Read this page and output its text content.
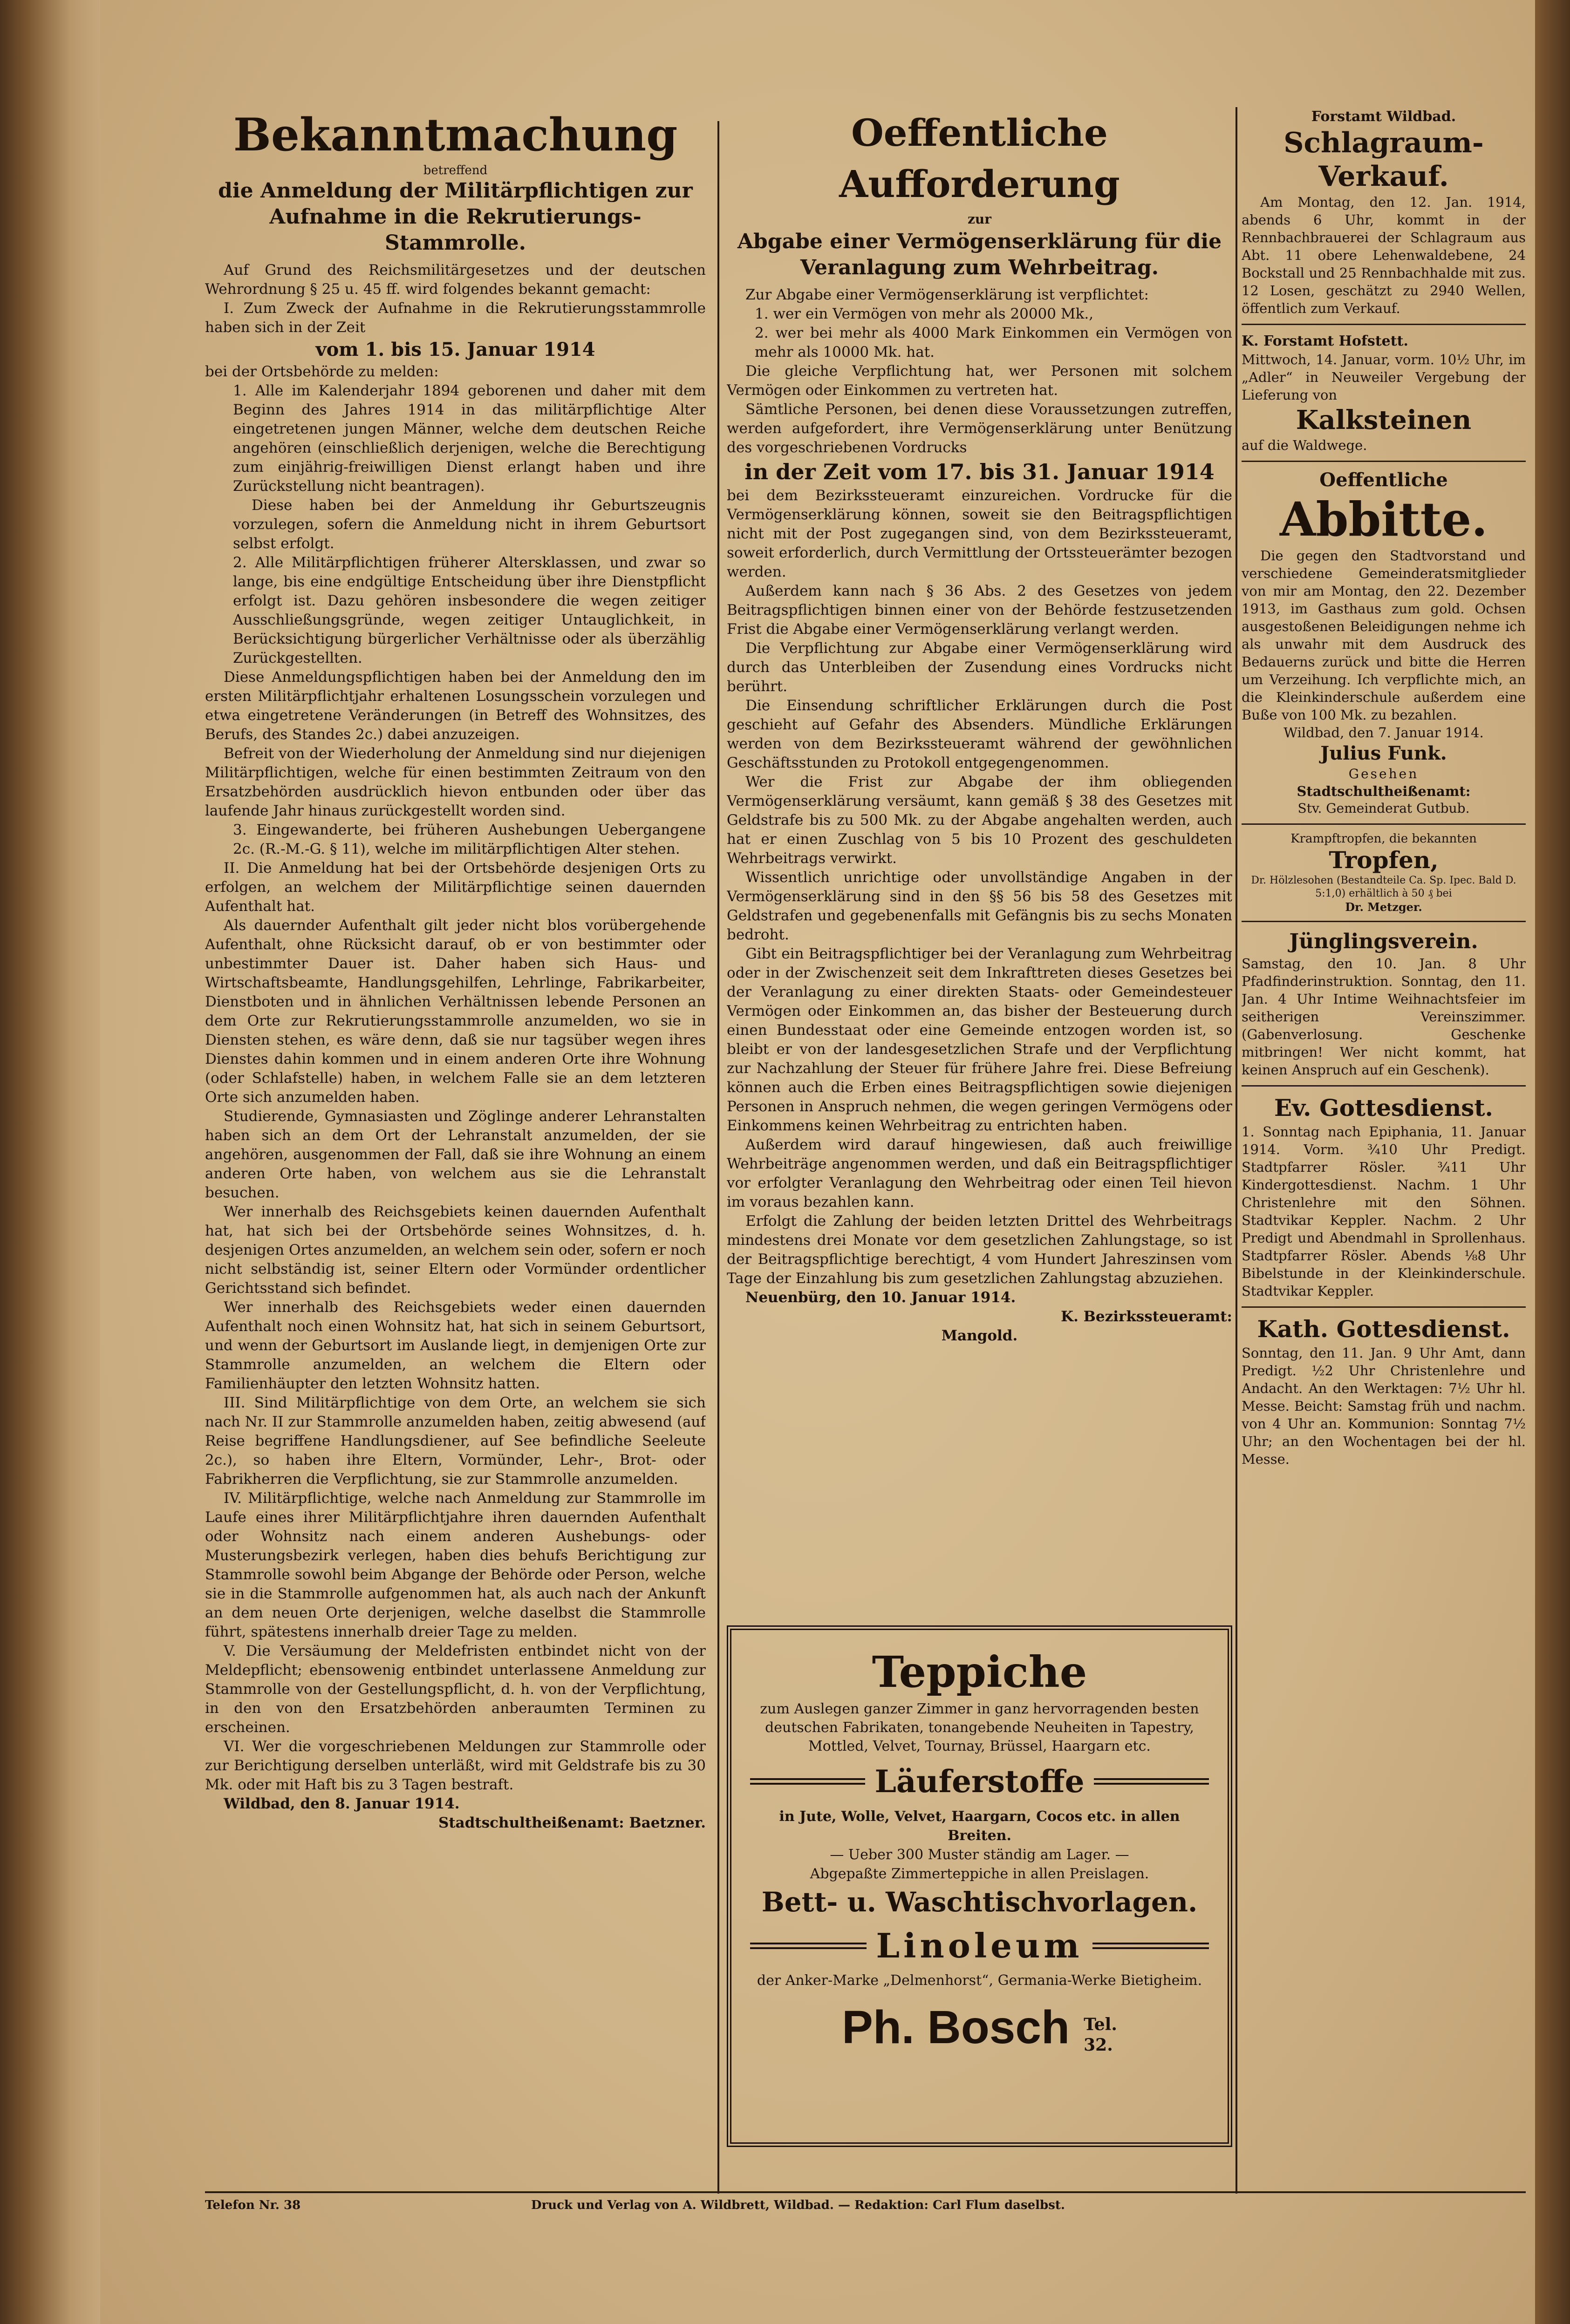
Bekanntmachung

betreffend

die Anmeldung der Militärpflichtigen zur Aufnahme in die Rekrutierungs-Stammrolle.

Auf Grund des Reichsmilitärgesetzes und der deutschen Wehrordnung § 25 u. 45 ff. wird folgendes bekannt gemacht:

I. Zum Zweck der Aufnahme in die Rekrutierungsstammrolle haben sich in der Zeit

vom 1. bis 15. Januar 1914

bei der Ortsbehörde zu melden:

1. Alle im Kalenderjahr 1894 geborenen und daher mit dem Beginn des Jahres 1914 in das militärpflichtige Alter eingetretenen jungen Männer, welche dem deutschen Reiche angehören (einschließlich derjenigen, welche die Berechtigung zum einjährig-freiwilligen Dienst erlangt haben und ihre Zurückstellung nicht beantragen).

Diese haben bei der Anmeldung ihr Geburtszeugnis vorzulegen, sofern die Anmeldung nicht in ihrem Geburtsort selbst erfolgt.

2. Alle Militärpflichtigen früherer Altersklassen, und zwar so lange, bis eine endgültige Entscheidung über ihre Dienstpflicht erfolgt ist. Dazu gehören insbesondere die wegen zeitiger Ausschließungsgründe, wegen zeitiger Untauglichkeit, in Berücksichtigung bürgerlicher Verhältnisse oder als überzählig Zurückgestellten.

Diese Anmeldungspflichtigen haben bei der Anmeldung den im ersten Militärpflichtjahr erhaltenen Losungsschein vorzulegen und etwa eingetretene Veränderungen (in Betreff des Wohnsitzes, des Berufs, des Standes 2c.) dabei anzuzeigen.

Befreit von der Wiederholung der Anmeldung sind nur diejenigen Militärpflichtigen, welche für einen bestimmten Zeitraum von den Ersatzbehörden ausdrücklich hievon entbunden oder über das laufende Jahr hinaus zurückgestellt worden sind.

3. Eingewanderte, bei früheren Aushebungen Uebergangene 2c. (R.-M.-G. § 11), welche im militärpflichtigen Alter stehen.

II. Die Anmeldung hat bei der Ortsbehörde desjenigen Orts zu erfolgen, an welchem der Militärpflichtige seinen dauernden Aufenthalt hat.

Als dauernder Aufenthalt gilt jeder nicht blos vorübergehende Aufenthalt, ohne Rücksicht darauf, ob er von bestimmter oder unbestimmter Dauer ist. Daher haben sich Haus- und Wirtschaftsbeamte, Handlungsgehilfen, Lehrlinge, Fabrikarbeiter, Dienstboten und in ähnlichen Verhältnissen lebende Personen an dem Orte zur Rekrutierungsstammrolle anzumelden, wo sie in Diensten stehen, es wäre denn, daß sie nur tagsüber wegen ihres Dienstes dahin kommen und in einem anderen Orte ihre Wohnung (oder Schlafstelle) haben, in welchem Falle sie an dem letzteren Orte sich anzumelden haben.

Studierende, Gymnasiasten und Zöglinge anderer Lehranstalten haben sich an dem Ort der Lehranstalt anzumelden, der sie angehören, ausgenommen der Fall, daß sie ihre Wohnung an einem anderen Orte haben, von welchem aus sie die Lehranstalt besuchen.

Wer innerhalb des Reichsgebiets keinen dauernden Aufenthalt hat, hat sich bei der Ortsbehörde seines Wohnsitzes, d. h. desjenigen Ortes anzumelden, an welchem sein oder, sofern er noch nicht selbständig ist, seiner Eltern oder Vormünder ordentlicher Gerichtsstand sich befindet.

Wer innerhalb des Reichsgebiets weder einen dauernden Aufenthalt noch einen Wohnsitz hat, hat sich in seinem Geburtsort, und wenn der Geburtsort im Auslande liegt, in demjenigen Orte zur Stammrolle anzumelden, an welchem die Eltern oder Familienhäupter den letzten Wohnsitz hatten.

III. Sind Militärpflichtige von dem Orte, an welchem sie sich nach Nr. II zur Stammrolle anzumelden haben, zeitig abwesend (auf Reise begriffene Handlungsdiener, auf See befindliche Seeleute 2c.), so haben ihre Eltern, Vormünder, Lehr-, Brot- oder Fabrikherren die Verpflichtung, sie zur Stammrolle anzumelden.

IV. Militärpflichtige, welche nach Anmeldung zur Stammrolle im Laufe eines ihrer Militärpflichtjahre ihren dauernden Aufenthalt oder Wohnsitz nach einem anderen Aushebungs- oder Musterungsbezirk verlegen, haben dies behufs Berichtigung zur Stammrolle sowohl beim Abgange der Behörde oder Person, welche sie in die Stammrolle aufgenommen hat, als auch nach der Ankunft an dem neuen Orte derjenigen, welche daselbst die Stammrolle führt, spätestens innerhalb dreier Tage zu melden.

V. Die Versäumung der Meldefristen entbindet nicht von der Meldepflicht; ebensowenig entbindet unterlassene Anmeldung zur Stammrolle von der Gestellungspflicht, d. h. von der Verpflichtung, in den von den Ersatzbehörden anberaumten Terminen zu erscheinen.

VI. Wer die vorgeschriebenen Meldungen zur Stammrolle oder zur Berichtigung derselben unterläßt, wird mit Geldstrafe bis zu 30 Mk. oder mit Haft bis zu 3 Tagen bestraft.

Wildbad, den 8. Januar 1914.

Stadtschultheißenamt: Baetzner.

Oeffentliche Aufforderung

zur

Abgabe einer Vermögenserklärung für die Veranlagung zum Wehrbeitrag.

Zur Abgabe einer Vermögenserklärung ist verpflichtet:

1. wer ein Vermögen von mehr als 20000 Mk.,

2. wer bei mehr als 4000 Mark Einkommen ein Vermögen von mehr als 10000 Mk. hat.

Die gleiche Verpflichtung hat, wer Personen mit solchem Vermögen oder Einkommen zu vertreten hat.

Sämtliche Personen, bei denen diese Voraussetzungen zutreffen, werden aufgefordert, ihre Vermögenserklärung unter Benützung des vorgeschriebenen Vordrucks

in der Zeit vom 17. bis 31. Januar 1914

bei dem Bezirkssteueramt einzureichen. Vordrucke für die Vermögenserklärung können, soweit sie den Beitragspflichtigen nicht mit der Post zugegangen sind, von dem Bezirkssteueramt, soweit erforderlich, durch Vermittlung der Ortssteuerämter bezogen werden.

Außerdem kann nach § 36 Abs. 2 des Gesetzes von jedem Beitragspflichtigen binnen einer von der Behörde festzusetzenden Frist die Abgabe einer Vermögenserklärung verlangt werden.

Die Verpflichtung zur Abgabe einer Vermögenserklärung wird durch das Unterbleiben der Zusendung eines Vordrucks nicht berührt.

Die Einsendung schriftlicher Erklärungen durch die Post geschieht auf Gefahr des Absenders. Mündliche Erklärungen werden von dem Bezirkssteueramt während der gewöhnlichen Geschäftsstunden zu Protokoll entgegengenommen.

Wer die Frist zur Abgabe der ihm obliegenden Vermögenserklärung versäumt, kann gemäß § 38 des Gesetzes mit Geldstrafe bis zu 500 Mk. zu der Abgabe angehalten werden, auch hat er einen Zuschlag von 5 bis 10 Prozent des geschuldeten Wehrbeitrags verwirkt.

Wissentlich unrichtige oder unvollständige Angaben in der Vermögenserklärung sind in den §§ 56 bis 58 des Gesetzes mit Geldstrafen und gegebenenfalls mit Gefängnis bis zu sechs Monaten bedroht.

Gibt ein Beitragspflichtiger bei der Veranlagung zum Wehrbeitrag oder in der Zwischenzeit seit dem Inkrafttreten dieses Gesetzes bei der Veranlagung zu einer direkten Staats- oder Gemeindesteuer Vermögen oder Einkommen an, das bisher der Besteuerung durch einen Bundesstaat oder eine Gemeinde entzogen worden ist, so bleibt er von der landesgesetzlichen Strafe und der Verpflichtung zur Nachzahlung der Steuer für frühere Jahre frei. Diese Befreiung können auch die Erben eines Beitragspflichtigen sowie diejenigen Personen in Anspruch nehmen, die wegen geringen Vermögens oder Einkommens keinen Wehrbeitrag zu entrichten haben.

Außerdem wird darauf hingewiesen, daß auch freiwillige Wehrbeiträge angenommen werden, und daß ein Beitragspflichtiger vor erfolgter Veranlagung den Wehrbeitrag oder einen Teil hievon im voraus bezahlen kann.

Erfolgt die Zahlung der beiden letzten Drittel des Wehrbeitrags mindestens drei Monate vor dem gesetzlichen Zahlungstage, so ist der Beitragspflichtige berechtigt, 4 vom Hundert Jahreszinsen vom Tage der Einzahlung bis zum gesetzlichen Zahlungstag abzuziehen.

Neuenbürg, den 10. Januar 1914.

K. Bezirkssteueramt:

Mangold.

Teppiche

zum Auslegen ganzer Zimmer in ganz hervorragenden besten deutschen Fabrikaten, tonangebende Neuheiten in Tapestry, Mottled, Velvet, Tournay, Brüssel, Haargarn etc.

Läuferstoffe

in Jute, Wolle, Velvet, Haargarn, Cocos etc. in allen Breiten.

— Ueber 300 Muster ständig am Lager. —

Abgepaßte Zimmerteppiche in allen Preislagen.

Bett- u. Waschtischvorlagen.

Linoleum

der Anker-Marke „Delmenhorst“, Germania-Werke Bietigheim.

Ph. Bosch Tel.
32.

Forstamt Wildbad.

Schlagraum-Verkauf.

Am Montag, den 12. Jan. 1914, abends 6 Uhr, kommt in der Rennbachbrauerei der Schlagraum aus Abt. 11 obere Lehenwaldebene, 24 Bockstall und 25 Rennbachhalde mit zus. 12 Losen, geschätzt zu 2940 Wellen, öffentlich zum Verkauf.

K. Forstamt Hofstett.

Mittwoch, 14. Januar, vorm. 10½ Uhr, im „Adler“ in Neuweiler Vergebung der Lieferung von

Kalksteinen

auf die Waldwege.

Oeffentliche

Abbitte.

Die gegen den Stadtvorstand und verschiedene Gemeinderatsmitglieder von mir am Montag, den 22. Dezember 1913, im Gasthaus zum gold. Ochsen ausgestoßenen Beleidigungen nehme ich als unwahr mit dem Ausdruck des Bedauerns zurück und bitte die Herren um Verzeihung. Ich verpflichte mich, an die Kleinkinderschule außerdem eine Buße von 100 Mk. zu bezahlen.

Wildbad, den 7. Januar 1914.

Julius Funk.

Gesehen

Stadtschultheißenamt:

Stv. Gemeinderat Gutbub.

Krampftropfen, die bekannten

Tropfen,

Dr. Hölzlesohen (Bestandteile Ca. Sp. Ipec. Bald D. 5:1,0) erhältlich à 50 ₰ bei

Dr. Metzger.

Jünglingsverein.

Samstag, den 10. Jan. 8 Uhr Pfadfinderinstruktion. Sonntag, den 11. Jan. 4 Uhr Intime Weihnachtsfeier im seitherigen Vereinszimmer. (Gabenverlosung. Geschenke mitbringen! Wer nicht kommt, hat keinen Anspruch auf ein Geschenk).

Ev. Gottesdienst.

1. Sonntag nach Epiphania, 11. Januar 1914. Vorm. ¾10 Uhr Predigt. Stadtpfarrer Rösler. ¾11 Uhr Kindergottesdienst. Nachm. 1 Uhr Christenlehre mit den Söhnen. Stadtvikar Keppler. Nachm. 2 Uhr Predigt und Abendmahl in Sprollenhaus. Stadtpfarrer Rösler. Abends ⅛8 Uhr Bibelstunde in der Kleinkinderschule. Stadtvikar Keppler.

Kath. Gottesdienst.

Sonntag, den 11. Jan. 9 Uhr Amt, dann Predigt. ½2 Uhr Christenlehre und Andacht. An den Werktagen: 7½ Uhr hl. Messe. Beicht: Samstag früh und nachm. von 4 Uhr an. Kommunion: Sonntag 7½ Uhr; an den Wochentagen bei der hl. Messe.

Telefon Nr. 38	Druck und Verlag von A. Wildbrett, Wildbad. — Redaktion: Carl Flum daselbst.
